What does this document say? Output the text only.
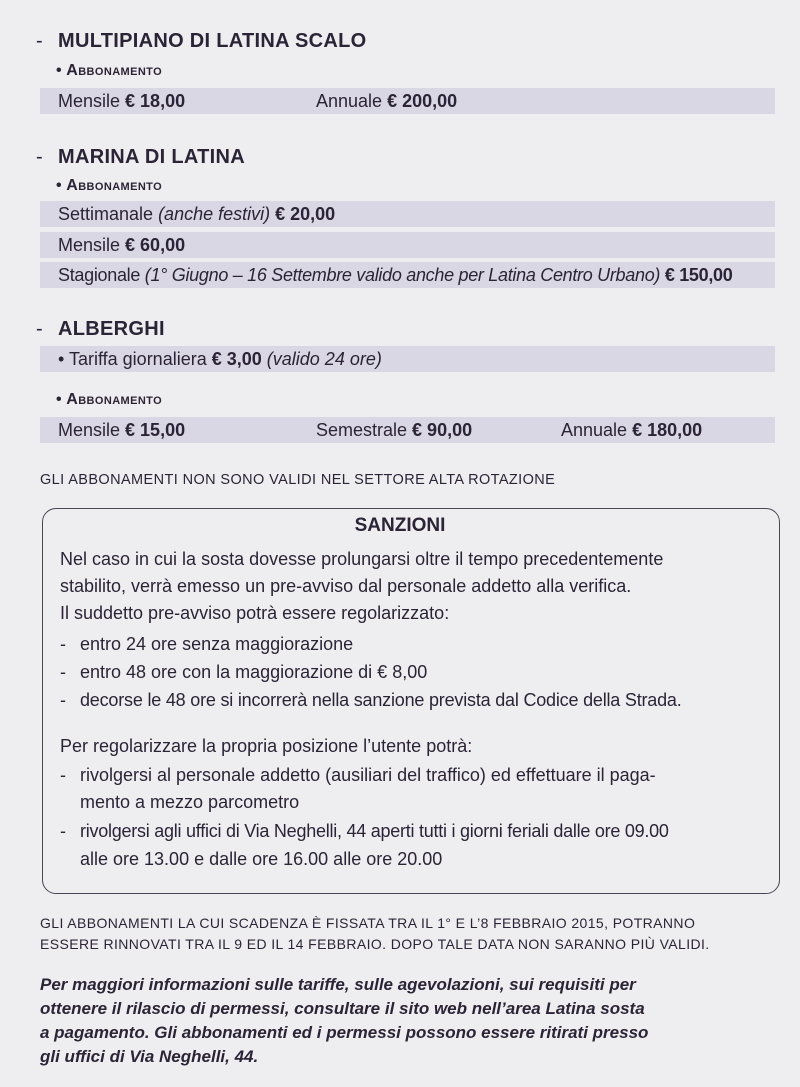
- MULTIPIANO DI LATINA SCALO
• Abbonamento
Mensile € 18,00	Annuale € 200,00
- MARINA DI LATINA
• Abbonamento
Settimanale (anche festivi) € 20,00
Mensile € 60,00
Stagionale (1° Giugno – 16 Settembre valido anche per Latina Centro Urbano) € 150,00
- ALBERGHI
• Tariffa giornaliera € 3,00 (valido 24 ore)
• Abbonamento
Mensile € 15,00	Semestrale € 90,00	Annuale € 180,00
GLI ABBONAMENTI NON SONO VALIDI NEL SETTORE ALTA ROTAZIONE
SANZIONI
Nel caso in cui la sosta dovesse prolungarsi oltre il tempo precedentemente
stabilito, verrà emesso un pre-avviso dal personale addetto alla verifica.
Il suddetto pre-avviso potrà essere regolarizzato:
- entro 24 ore senza maggiorazione
- entro 48 ore con la maggiorazione di € 8,00
- decorse le 48 ore si incorrerà nella sanzione prevista dal Codice della Strada.
Per regolarizzare la propria posizione l’utente potrà:
- rivolgersi al personale addetto (ausiliari del traffico) ed effettuare il paga-
mento a mezzo parcometro
- rivolgersi agli uffici di Via Neghelli, 44 aperti tutti i giorni feriali dalle ore 09.00
alle ore 13.00 e dalle ore 16.00 alle ore 20.00
GLI ABBONAMENTI LA CUI SCADENZA È FISSATA TRA IL 1° E L’8 FEBBRAIO 2015, POTRANNO
ESSERE RINNOVATI TRA IL 9 ED IL 14 FEBBRAIO. DOPO TALE DATA NON SARANNO PIÙ VALIDI.
Per maggiori informazioni sulle tariffe, sulle agevolazioni, sui requisiti per
ottenere il rilascio di permessi, consultare il sito web nell’area Latina sosta
a pagamento. Gli abbonamenti ed i permessi possono essere ritirati presso
gli uffici di Via Neghelli, 44.
